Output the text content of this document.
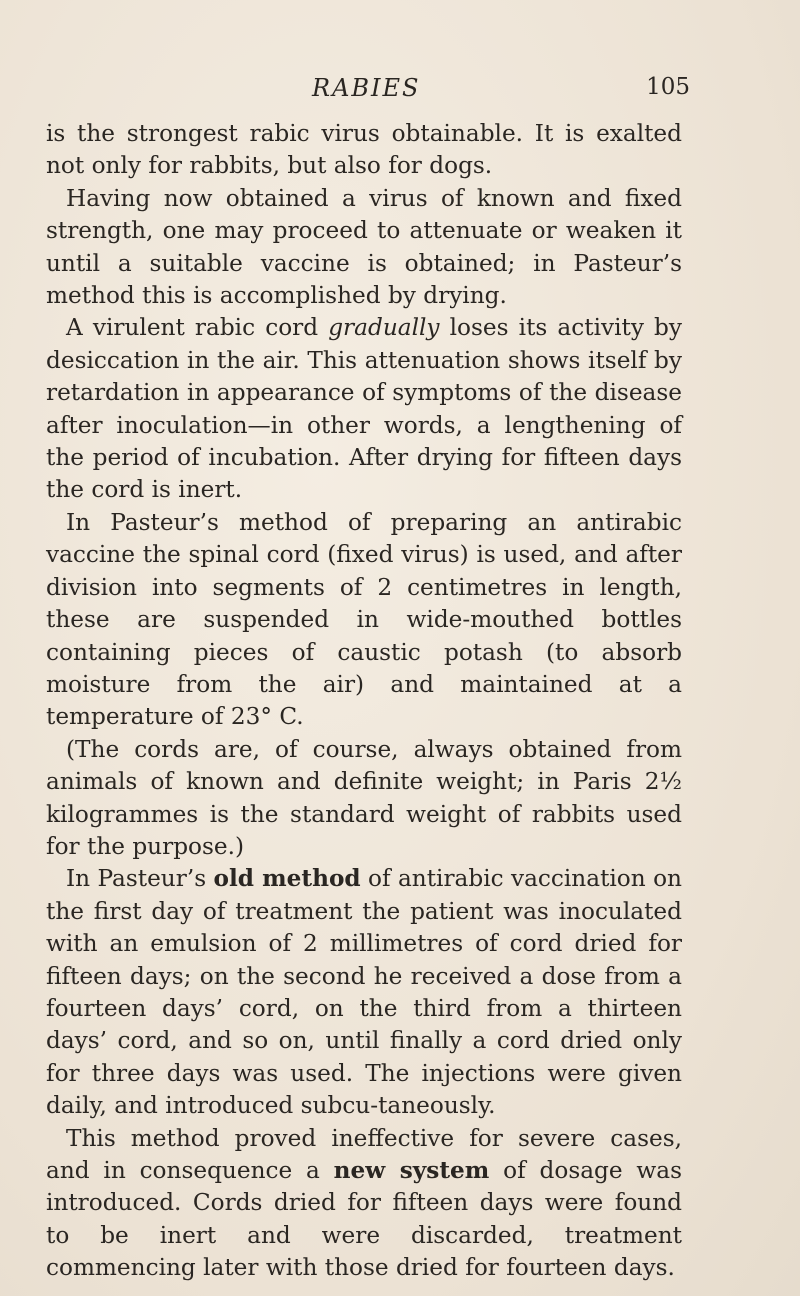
RABIES	105

is the strongest rabic virus obtainable. It is exalted not only for rabbits, but also for dogs.

Having now obtained a virus of known and fixed strength, one may proceed to attenuate or weaken it until a suitable vaccine is obtained; in Pasteur’s method this is accomplished by drying.

A virulent rabic cord gradually loses its activity by desiccation in the air. This attenuation shows itself by retardation in appearance of symptoms of the disease after inoculation—in other words, a lengthening of the period of incubation. After drying for fifteen days the cord is inert.

In Pasteur’s method of preparing an antirabic vaccine the spinal cord (fixed virus) is used, and after division into segments of 2 centimetres in length, these are suspended in wide-mouthed bottles containing pieces of caustic potash (to absorb moisture from the air) and maintained at a temperature of 23° C.

(The cords are, of course, always obtained from animals of known and definite weight; in Paris 2½ kilogrammes is the standard weight of rabbits used for the purpose.)

In Pasteur’s old method of antirabic vaccination on the first day of treatment the patient was inoculated with an emulsion of 2 millimetres of cord dried for fifteen days; on the second he received a dose from a fourteen days’ cord, on the third from a thirteen days’ cord, and so on, until finally a cord dried only for three days was used. The injections were given daily, and introduced subcu-taneously.

This method proved ineffective for severe cases, and in consequence a new system of dosage was introduced. Cords dried for fifteen days were found to be inert and were discarded, treatment commencing later with those dried for fourteen days.
